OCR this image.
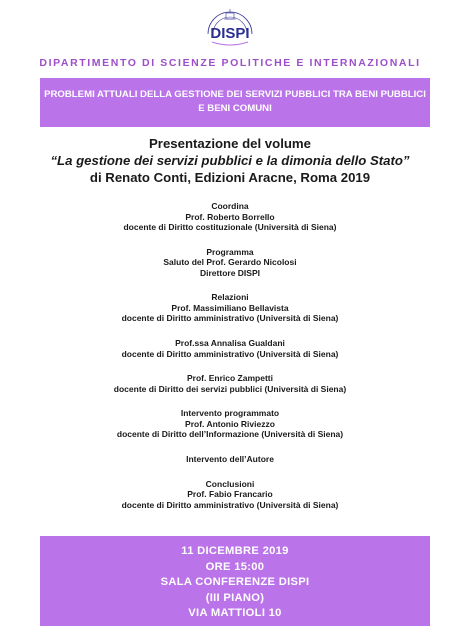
DISPI
DIPARTIMENTO DI SCIENZE POLITICHE E INTERNAZIONALI
PROBLEMI ATTUALI DELLA GESTIONE DEI SERVIZI PUBBLICI TRA BENI PUBBLICI
E BENI COMUNI
Presentazione del volume
“La gestione dei servizi pubblici e la dimonia dello Stato”
di Renato Conti, Edizioni Aracne, Roma 2019
Coordina
Prof. Roberto Borrello
docente di Diritto costituzionale (Università di Siena)
Programma
Saluto del Prof. Gerardo Nicolosi
Direttore DISPI
Relazioni
Prof. Massimiliano Bellavista
docente di Diritto amministrativo (Università di Siena)
Prof.ssa Annalisa Gualdani
docente di Diritto amministrativo (Università di Siena)
Prof. Enrico Zampetti
docente di Diritto dei servizi pubblici (Università di Siena)
Intervento programmato
Prof. Antonio Riviezzo
docente di Diritto dell’Informazione (Università di Siena)
Intervento dell’Autore
Conclusioni
Prof. Fabio Francario
docente di Diritto amministrativo (Università di Siena)
11 DICEMBRE 2019
ORE 15:00
SALA CONFERENZE DISPI
(III PIANO)
VIA MATTIOLI 10
